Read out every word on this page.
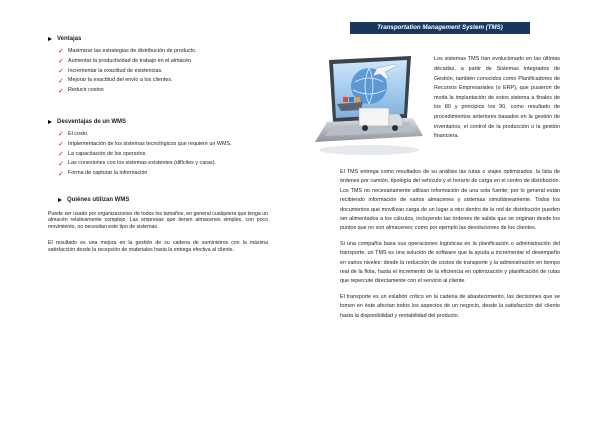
Ventajas
✓ Maximizar las estrategias de distribución de producto.
✓ Aumentar la productividad de trabajo en el almacén.
✓ Incrementar la exactitud de existencias.
✓ Mejorar la exactitud del envío a los clientes.
✓ Reducir costos
Desventajas de un WMS
✓ El costo.
✓ Implementación de los sistemas tecnológicos que requiere un WMS.
✓ La capacitación de los operarios.
✓ Las conexiones con los sistemas existentes (difíciles y caras).
✓ Forma de capturar la información
Quiénes utilizan WMS

Puede ser usado por organizaciones de todos los tamaños, en general cualquiera que tenga un almacén relativamente complejo. Las empresas que tienen almacenes simples, con poco movimiento, no necesitan este tipo de sistemas.

El resultado es una mejora en la gestión de su cadena de suministros con la máxima satisfacción desde la recepción de materiales hasta la entrega efectiva al cliente.

Transportation Management System (TMS)

Los sistemas TMS han evolucionado en las últimas décadas, a partir de Sistemas Integrados de Gestión, también conocidos como Planificadores de Recursos Empresariales (o ERP), que pusieron de moda la implantación de estos sistema a finales de los 80 y principios los 90, como resultado de procedimientos anteriores basados en la gestión de inventarios, el control de la producción o la gestión financiera.

El TMS entrega como resultados de su análisis las rutas o viajes optimizados, la lista de órdenes por camión, tipología del vehículo y el horario de carga en el centro de distribución. Los TMS no necesariamente utilizan información de una sola fuente; por lo general están recibiendo información de varios almacenes y sistemas simultáneamente. Todos los documentos que movilizan carga de un lugar a otro dentro de la red de distribución pueden ser alimentados a los cálculos, incluyendo las órdenes de salida que se originan desde los puntos que no son almacenes; como por ejemplo las devoluciones de los clientes.

Si una compañía basa sus operaciones logísticas en la planificación o administración del transporte, un TMS es una solución de software que la ayuda a incrementar el desempeño en varios niveles: desde la reducción de costos de transporte y la administración en tiempo real de la flota, hasta el incremento de la eficiencia en optimización y planificación de rutas que repercute directamente con el servicio al cliente.

El transporte es un eslabón crítico en la cadena de abastecimiento, las decisiones que se tomen en éste afectan todos los aspectos de un negocio, desde la satisfacción del cliente hasta la disponibilidad y rentabilidad del producto.
